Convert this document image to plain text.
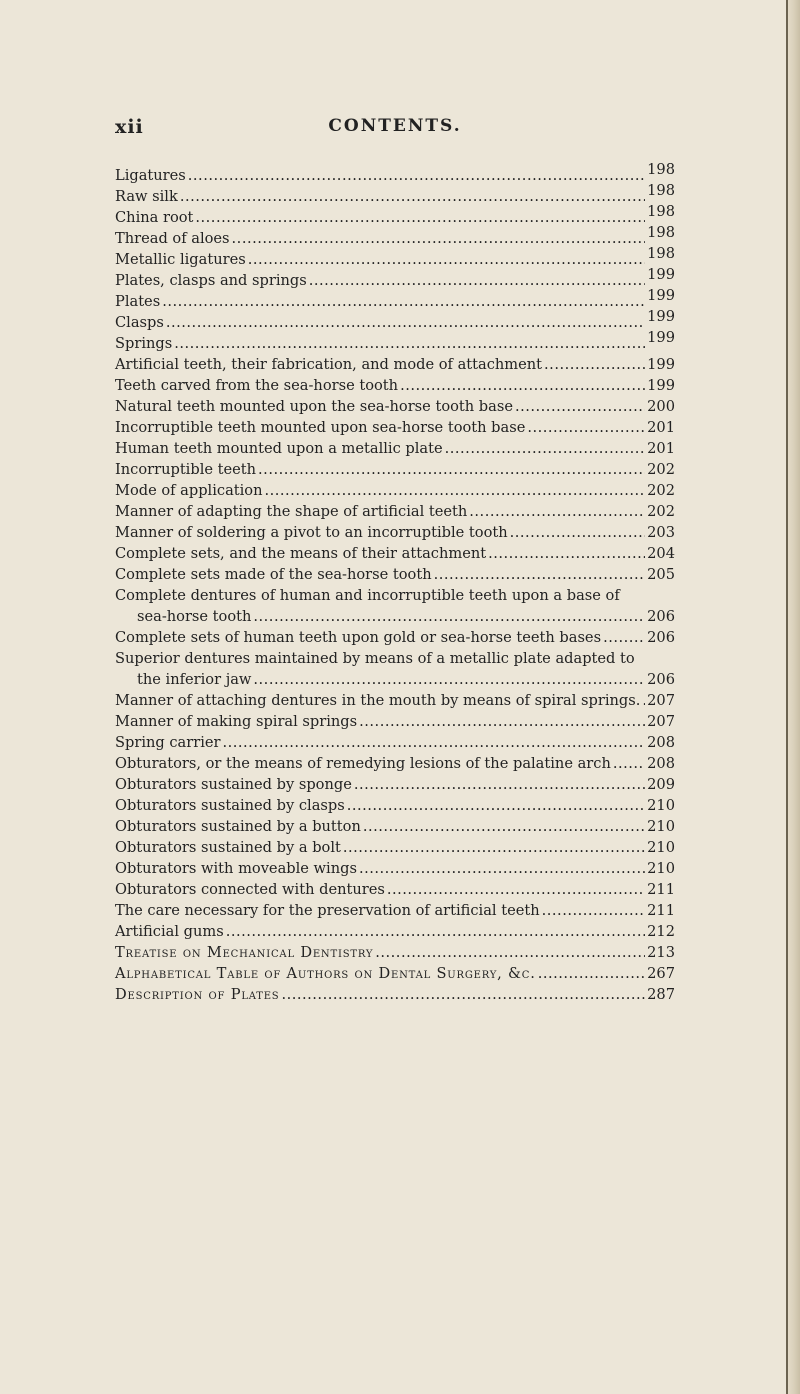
xii	CONTENTS.
Ligatures .....	198
Raw silk .....	198
China root .....	198
Thread of aloes .....	198
Metallic ligatures .....	198
Plates, clasps and springs .....	199
Plates .....	199
Clasps .....	199
Springs .....	199
Artificial teeth, their fabrication, and mode of attachment .....	199
Teeth carved from the sea-horse tooth .....	199
Natural teeth mounted upon the sea-horse tooth base .....	200
Incorruptible teeth mounted upon sea-horse tooth base .....	201
Human teeth mounted upon a metallic plate .....	201
Incorruptible teeth .....	202
Mode of application .....	202
Manner of adapting the shape of artificial teeth .....	202
Manner of soldering a pivot to an incorruptible tooth .....	203
Complete sets, and the means of their attachment .....	204
Complete sets made of the sea-horse tooth .....	205
Complete dentures of human and incorruptible teeth upon a base of
sea-horse tooth .....	206
Complete sets of human teeth upon gold or sea-horse teeth bases .....	206
Superior dentures maintained by means of a metallic plate adapted to
the inferior jaw .....	206
Manner of attaching dentures in the mouth by means of spiral springs. ..... 207
Manner of making spiral springs .....	207
Spring carrier .....	208
Obturators, or the means of remedying lesions of the palatine arch ..... 208
Obturators sustained by sponge .....	209
Obturators sustained by clasps .....	210
Obturators sustained by a button .....	210
Obturators sustained by a bolt .....	210
Obturators with moveable wings .....	210
Obturators connected with dentures .....	211
The care necessary for the preservation of artificial teeth .....	211
Artificial gums .....	212
Treatise on Mechanical Dentistry .....	213
Alphabetical Table of Authors on Dental Surgery, &c. .....	267
Description of Plates .....	287
